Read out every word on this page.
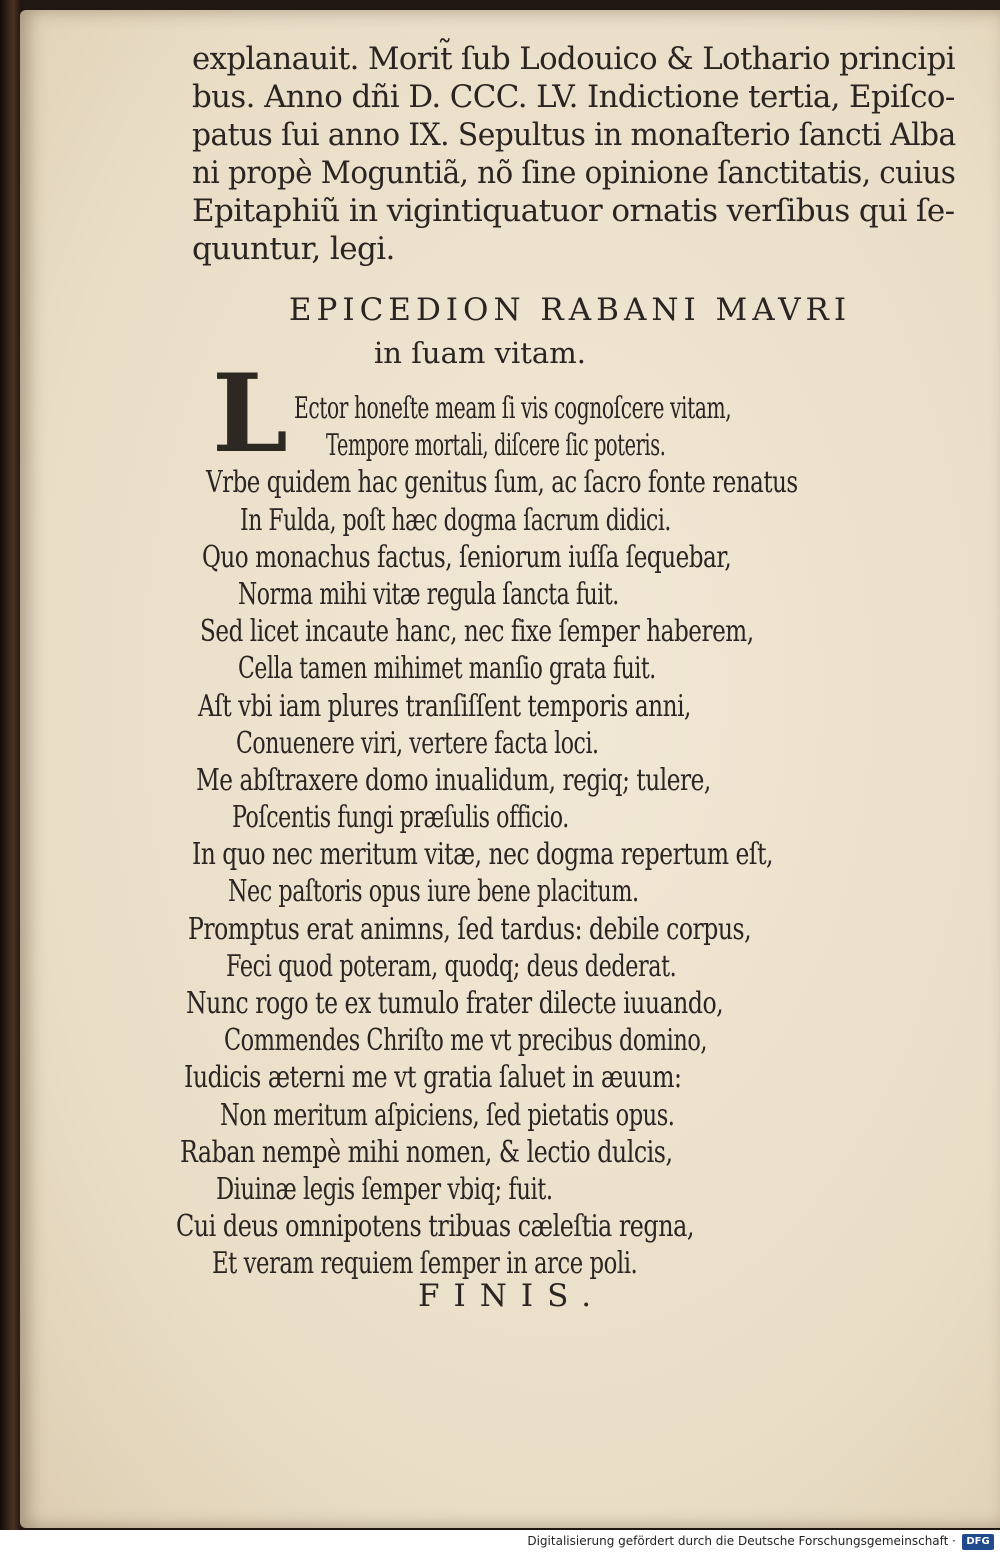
explanauit. Morit̃ ſub Lodouico & Lothario principi
bus. Anno dñi D. CCC. LV. Indictione tertia, Epiſco-
patus ſui anno IX. Sepultus in monaſterio ſancti Alba
ni propè Moguntiã, nõ ſine opinione ſanctitatis, cuius
Epitaphiũ in vigintiquatuor ornatis verſibus qui ſe-
quuntur, legi.
EPICEDION RABANI MAVRI
in ſuam vitam.
L Ector honeſte meam ſi vis cognoſcere vitam,
Tempore mortali, diſcere ſic poteris.
Vrbe quidem hac genitus ſum, ac ſacro fonte renatus
In Fulda, poſt hæc dogma ſacrum didici.
Quo monachus factus, ſeniorum iuſſa ſequebar,
Norma mihi vitæ regula ſancta fuit.
Sed licet incaute hanc, nec fixe ſemper haberem,
Cella tamen mihimet manſio grata fuit.
Aſt vbi iam plures tranſiſſent temporis anni,
Conuenere viri, vertere facta loci.
Me abſtraxere domo inualidum, regiq; tulere,
Poſcentis fungi præſulis officio.
In quo nec meritum vitæ, nec dogma repertum eſt,
Nec paſtoris opus iure bene placitum.
Promptus erat animns, ſed tardus: debile corpus,
Feci quod poteram, quodq; deus dederat.
Nunc rogo te ex tumulo frater dilecte iuuando,
Commendes Chriſto me vt precibus domino,
Iudicis æterni me vt gratia ſaluet in æuum:
Non meritum aſpiciens, ſed pietatis opus.
Raban nempè mihi nomen, & lectio dulcis,
Diuinæ legis ſemper vbiq; fuit.
Cui deus omnipotens tribuas cæleſtia regna,
Et veram requiem ſemper in arce poli.
FINIS.
Digitalisierung gefördert durch die Deutsche Forschungsgemeinschaft ·	DFG
